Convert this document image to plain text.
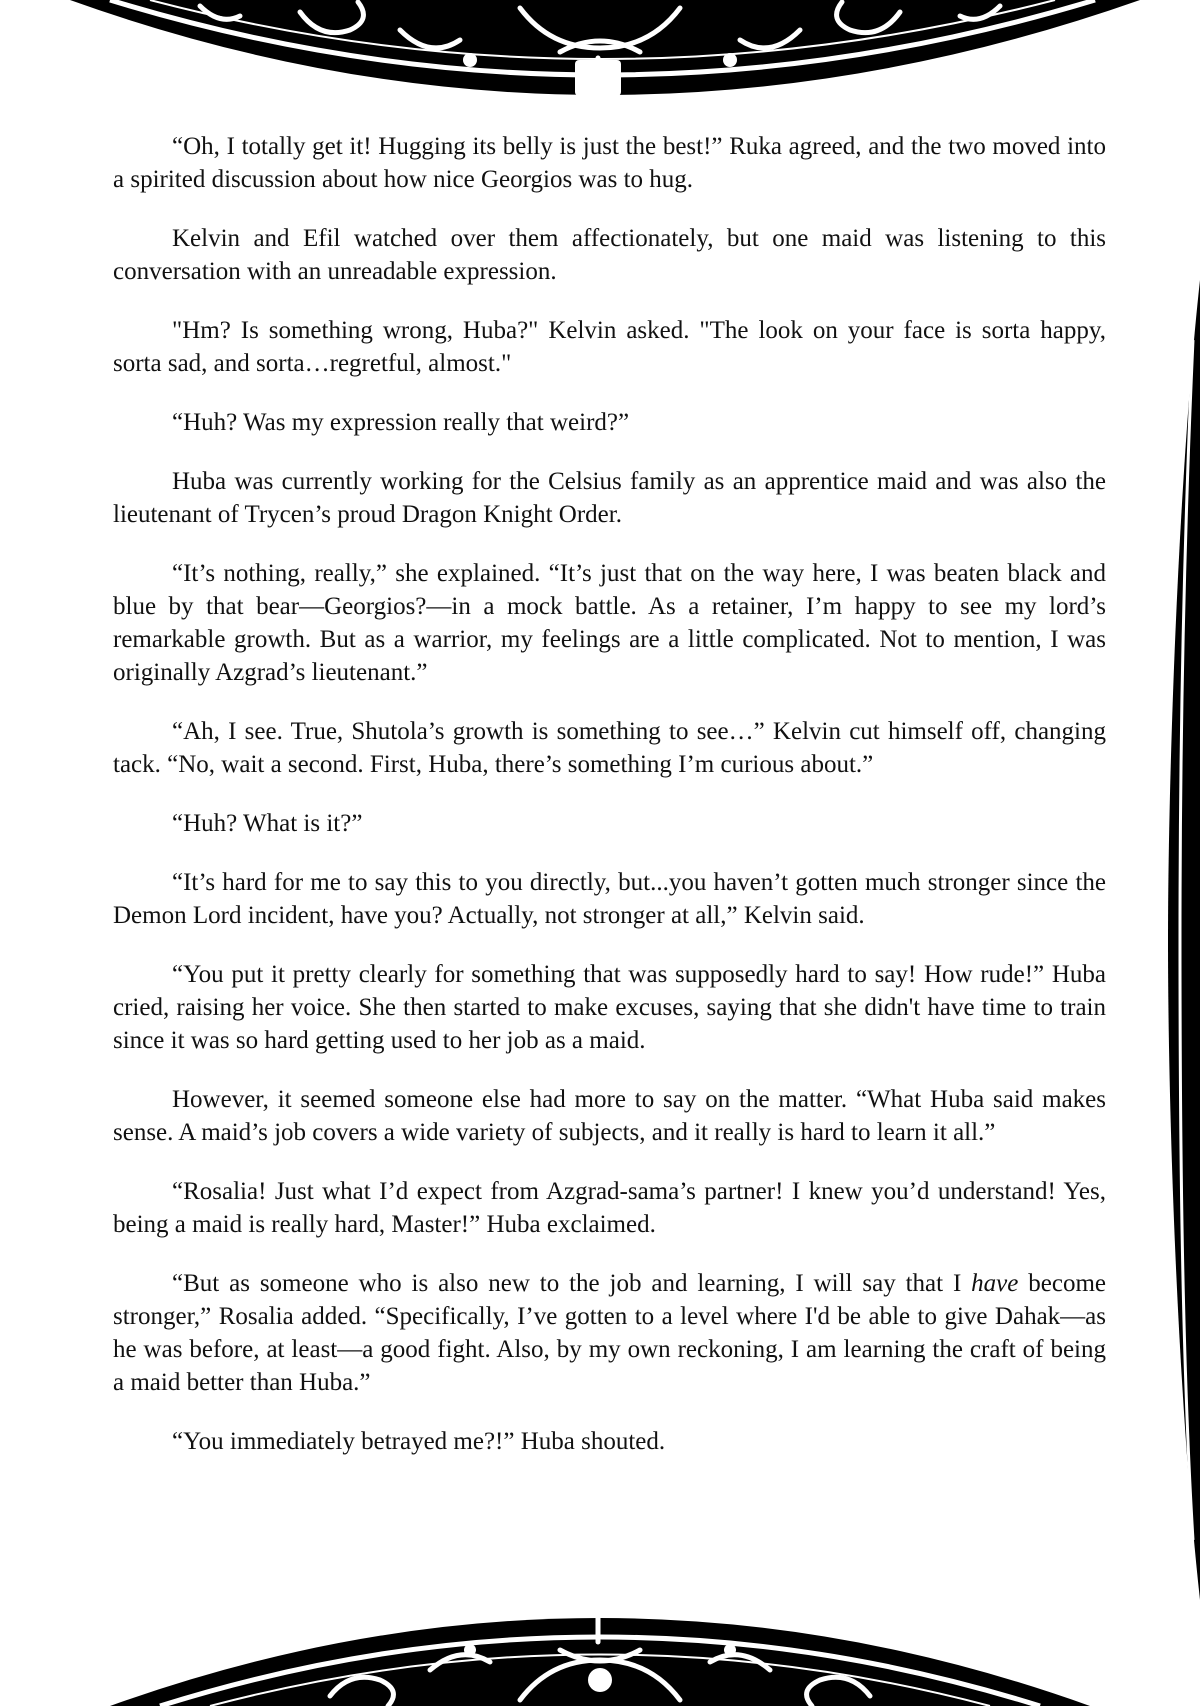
“Oh, I totally get it! Hugging its belly is just the best!” Ruka agreed, and the two moved into a spirited discussion about how nice Georgios was to hug.

Kelvin and Efil watched over them affectionately, but one maid was listening to this conversation with an unreadable expression.

"Hm? Is something wrong, Huba?" Kelvin asked. "The look on your face is sorta happy, sorta sad, and sorta…regretful, almost."

“Huh? Was my expression really that weird?”

Huba was currently working for the Celsius family as an apprentice maid and was also the lieutenant of Trycen’s proud Dragon Knight Order.

“It’s nothing, really,” she explained. “It’s just that on the way here, I was beaten black and blue by that bear—Georgios?—in a mock battle. As a retainer, I’m happy to see my lord’s remarkable growth. But as a warrior, my feelings are a little complicated. Not to mention, I was originally Azgrad’s lieutenant.”

“Ah, I see. True, Shutola’s growth is something to see…” Kelvin cut himself off, changing tack. “No, wait a second. First, Huba, there’s something I’m curious about.”

“Huh? What is it?”

“It’s hard for me to say this to you directly, but...you haven’t gotten much stronger since the Demon Lord incident, have you? Actually, not stronger at all,” Kelvin said.

“You put it pretty clearly for something that was supposedly hard to say! How rude!” Huba cried, raising her voice. She then started to make excuses, saying that she didn't have time to train since it was so hard getting used to her job as a maid.

However, it seemed someone else had more to say on the matter. “What Huba said makes sense. A maid’s job covers a wide variety of subjects, and it really is hard to learn it all.”

“Rosalia! Just what I’d expect from Azgrad-sama’s partner! I knew you’d understand! Yes, being a maid is really hard, Master!” Huba exclaimed.

“But as someone who is also new to the job and learning, I will say that I have become stronger,” Rosalia added. “Specifically, I’ve gotten to a level where I'd be able to give Dahak—as he was before, at least—a good fight. Also, by my own reckoning, I am learning the craft of being a maid better than Huba.”

“You immediately betrayed me?!” Huba shouted.
